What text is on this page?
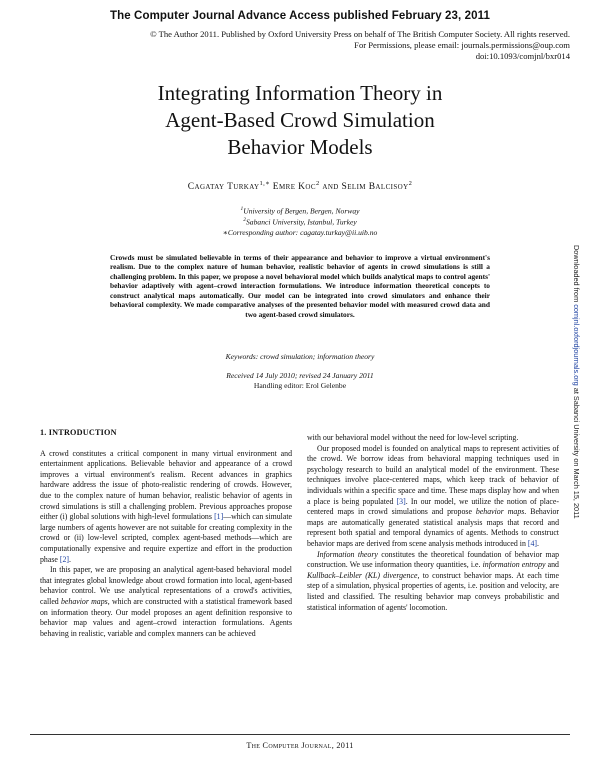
The Computer Journal Advance Access published February 23, 2011
© The Author 2011. Published by Oxford University Press on behalf of The British Computer Society. All rights reserved.
For Permissions, please email: journals.permissions@oup.com
doi:10.1093/comjnl/bxr014
Integrating Information Theory in
Agent-Based Crowd Simulation
Behavior Models
Cagatay Turkay$^{1,∗}$ Emre Koc$^2$ and Selim Balcisoy$^2$
$^1$University of Bergen, Bergen, Norway
$^2$Sabanci University, Istanbul, Turkey
∗Corresponding author: cagatay.turkay@ii.uib.no
Crowds must be simulated believable in terms of their appearance and behavior to improve a virtual environment's realism. Due to the complex nature of human behavior, realistic behavior of agents in crowd simulations is still a challenging problem. In this paper, we propose a novel behavioral model which builds analytical maps to control agents' behavior adaptively with agent–crowd interaction formulations. We introduce information theoretical concepts to construct analytical maps automatically. Our model can be integrated into crowd simulators and enhance their behavioral complexity. We made comparative analyses of the presented behavior model with measured crowd data and two agent-based crowd simulators.
Keywords: crowd simulation; information theory
Received 14 July 2010; revised 24 January 2011
Handling editor: Erol Gelenbe
Downloaded from comjnl.oxfordjournals.org at Sabanci University on March 15, 2011
1. INTRODUCTION

A crowd constitutes a critical component in many virtual environment and entertainment applications. Believable behavior and appearance of a crowd improves a virtual environment's realism. Recent advances in graphics hardware address the issue of photo-realistic rendering of crowds. However, due to the complex nature of human behavior, realistic behavior of agents in crowd simulations is still a challenging problem. Previous approaches propose either (i) global solutions with high-level formulations [1]—which can simulate large numbers of agents however are not suitable for creating complexity in the crowd or (ii) low-level scripted, complex agent-based methods—which are computationally expensive and require expertize and effort in the production phase [2].

In this paper, we are proposing an analytical agent-based behavioral model that integrates global knowledge about crowd formation into local, agent-based behavior control. We use analytical representations of a crowd's activities, called behavior maps, which are constructed with a statistical framework based on information theory. Our model proposes an agent definition responsive to behavior map values and agent–crowd interaction formulations. Agents behaving in realistic, variable and complex manners can be achieved

with our behavioral model without the need for low-level scripting.

Our proposed model is founded on analytical maps to represent activities of the crowd. We borrow ideas from behavioral mapping techniques used in psychology research to build an analytical model of the environment. These techniques involve place-centered maps, which keep track of behavior of individuals within a specific space and time. These maps display how and when a place is being populated [3]. In our model, we utilize the notion of place-centered maps in crowd simulations and propose behavior maps. Behavior maps are automatically generated statistical analysis maps that record and represent both spatial and temporal dynamics of agents. Methods to construct behavior maps are derived from scene analysis methods introduced in [4].

Information theory constitutes the theoretical foundation of behavior map construction. We use information theory quantities, i.e. information entropy and Kullback–Leibler (KL) divergence, to construct behavior maps. At each time step of a simulation, physical properties of agents, i.e. position and velocity, are listed and classified. The resulting behavior map conveys probabilistic and statistical information of agents' locomotion.

The Computer Journal, 2011
